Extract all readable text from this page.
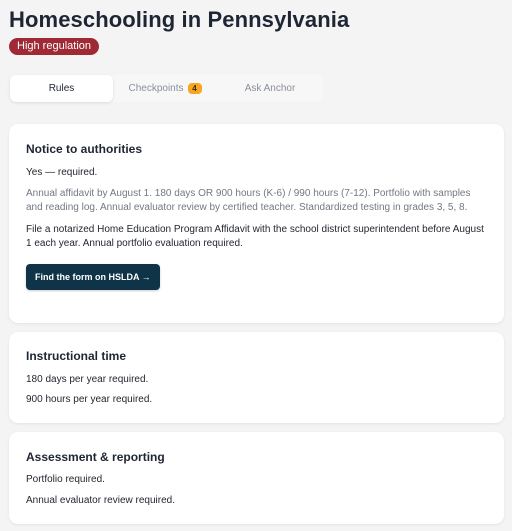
Homeschooling in Pennsylvania
High regulation
Rules	Checkpoints	4	Ask Anchor
Notice to authorities

Yes — required.

Annual affidavit by August 1. 180 days OR 900 hours (K-6) / 990 hours (7-12). Portfolio with samples and reading log. Annual evaluator review by certified teacher. Standardized testing in grades 3, 5, 8.

File a notarized Home Education Program Affidavit with the school district superintendent before August 1 each year. Annual portfolio evaluation required.

Find the form on HSLDA →
Instructional time

180 days per year required.

900 hours per year required.

Assessment & reporting

Portfolio required.

Annual evaluator review required.
